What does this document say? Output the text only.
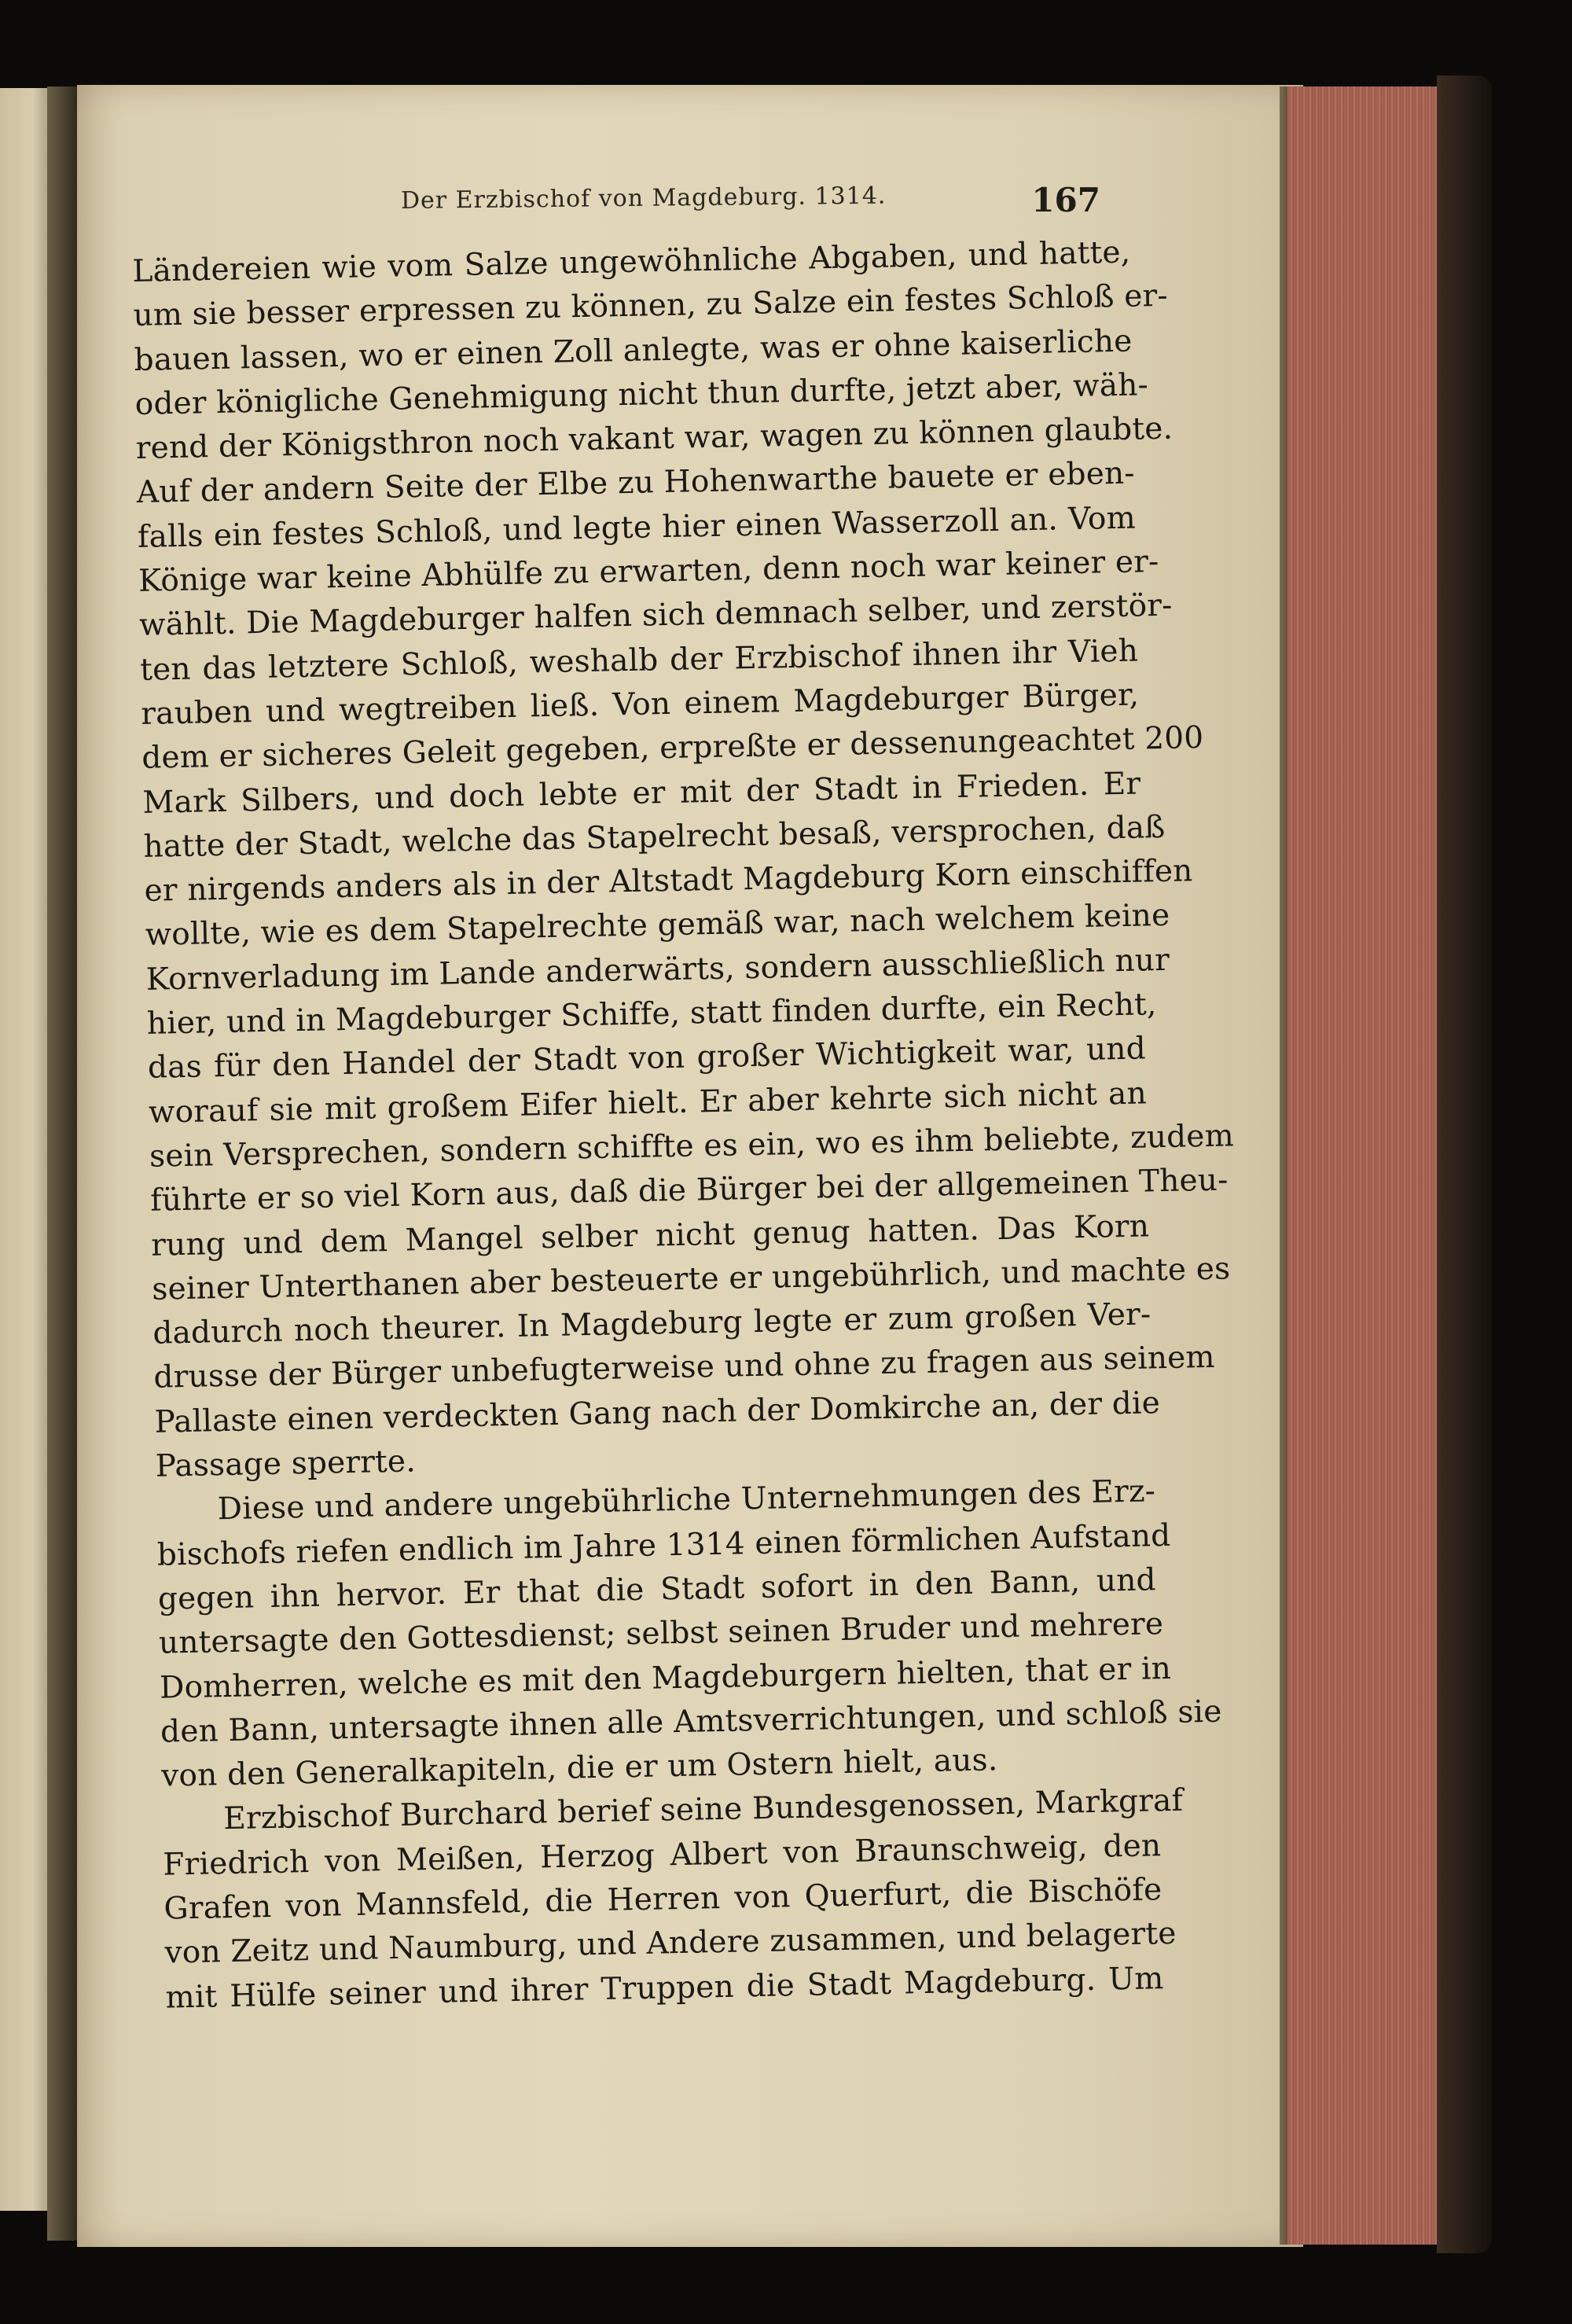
Der Erzbischof von Magdeburg. 1314.	167
Ländereien wie vom Salze ungewöhnliche Abgaben, und hatte,
um sie besser erpressen zu können, zu Salze ein festes Schloß er-
bauen lassen, wo er einen Zoll anlegte, was er ohne kaiserliche
oder königliche Genehmigung nicht thun durfte, jetzt aber, wäh-
rend der Königsthron noch vakant war, wagen zu können glaubte.
Auf der andern Seite der Elbe zu Hohenwarthe bauete er eben-
falls ein festes Schloß, und legte hier einen Wasserzoll an. Vom
Könige war keine Abhülfe zu erwarten, denn noch war keiner er-
wählt. Die Magdeburger halfen sich demnach selber, und zerstör-
ten das letztere Schloß, weshalb der Erzbischof ihnen ihr Vieh
rauben und wegtreiben ließ. Von einem Magdeburger Bürger,
dem er sicheres Geleit gegeben, erpreßte er dessenungeachtet 200
Mark Silbers, und doch lebte er mit der Stadt in Frieden. Er
hatte der Stadt, welche das Stapelrecht besaß, versprochen, daß
er nirgends anders als in der Altstadt Magdeburg Korn einschiffen
wollte, wie es dem Stapelrechte gemäß war, nach welchem keine
Kornverladung im Lande anderwärts, sondern ausschließlich nur
hier, und in Magdeburger Schiffe, statt finden durfte, ein Recht,
das für den Handel der Stadt von großer Wichtigkeit war, und
worauf sie mit großem Eifer hielt. Er aber kehrte sich nicht an
sein Versprechen, sondern schiffte es ein, wo es ihm beliebte, zudem
führte er so viel Korn aus, daß die Bürger bei der allgemeinen Theu-
rung und dem Mangel selber nicht genug hatten. Das Korn
seiner Unterthanen aber besteuerte er ungebührlich, und machte es
dadurch noch theurer. In Magdeburg legte er zum großen Ver-
drusse der Bürger unbefugterweise und ohne zu fragen aus seinem
Pallaste einen verdeckten Gang nach der Domkirche an, der die
Passage sperrte.
Diese und andere ungebührliche Unternehmungen des Erz-
bischofs riefen endlich im Jahre 1314 einen förmlichen Aufstand
gegen ihn hervor. Er that die Stadt sofort in den Bann, und
untersagte den Gottesdienst; selbst seinen Bruder und mehrere
Domherren, welche es mit den Magdeburgern hielten, that er in
den Bann, untersagte ihnen alle Amtsverrichtungen, und schloß sie
von den Generalkapiteln, die er um Ostern hielt, aus.
Erzbischof Burchard berief seine Bundesgenossen, Markgraf
Friedrich von Meißen, Herzog Albert von Braunschweig, den
Grafen von Mannsfeld, die Herren von Querfurt, die Bischöfe
von Zeitz und Naumburg, und Andere zusammen, und belagerte
mit Hülfe seiner und ihrer Truppen die Stadt Magdeburg. Um
